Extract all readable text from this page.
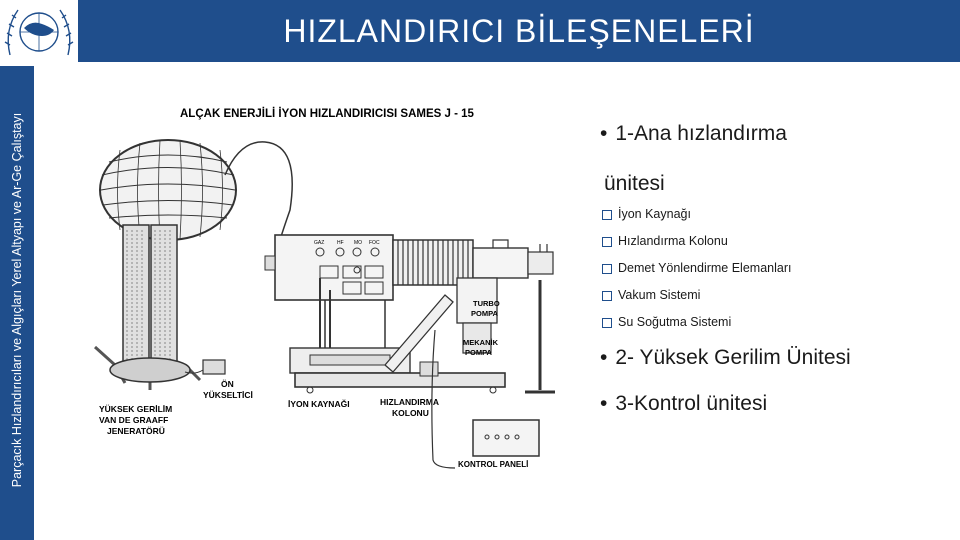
Parçacık Hızlandırıcıları ve Algıçları Yerel Altyapı ve Ar-Ge Çalıştayı
HIZLANDIRICI BİLEŞENELERİ
ALÇAK ENERJİLİ İYON HIZLANDIRICISI SAMES J - 15
YÜKSEK GERİLİM
VAN DE GRAAFF
JENERATÖRÜ
ÖN
YÜKSELTİCİ
GAZ	HF MO FOC
İYON KAYNAĞI
TURBO
POMPA
MEKANİK
POMPA
HIZLANDIRMA
KOLONU
KONTROL PANELİ
• 1-Ana hızlandırma
ünitesi
İyon Kaynağı
Hızlandırma Kolonu
Demet Yönlendirme Elemanları
Vakum Sistemi
Su Soğutma Sistemi
• 2- Yüksek Gerilim Ünitesi
• 3-Kontrol ünitesi
